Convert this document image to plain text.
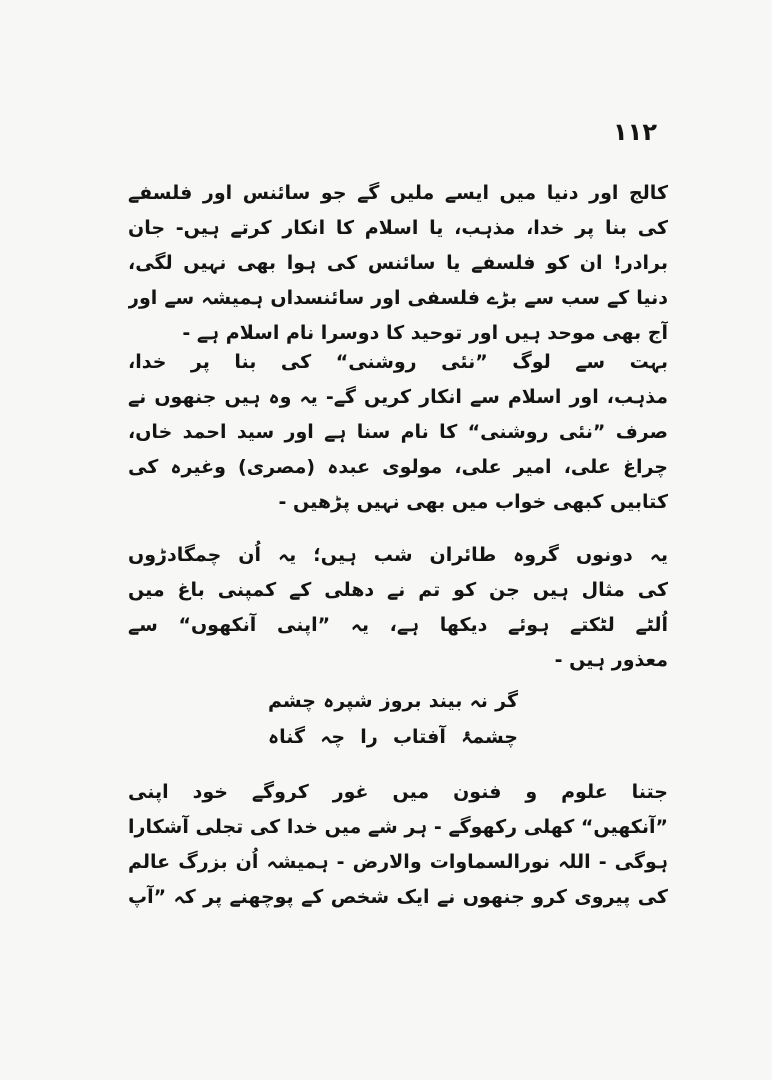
۱۱۲
کالج اور دنیا میں ایسے ملیں گے جو سائنس اور فلسفے
کی بنا پر خدا، مذہب، یا اسلام کا انکار کرتے ہیں- جان
برادر! ان کو فلسفے یا سائنس کی ہوا بھی نہیں لگی،
دنیا کے سب سے بڑے فلسفی اور سائنسداں ہمیشہ سے اور
آج بھی موحد ہیں اور توحید کا دوسرا نام اسلام ہے -
بہت سے لوگ ”نئی روشنی“ کی بنا پر خدا،
مذہب، اور اسلام سے انکار کریں گے- یہ وہ ہیں جنھوں نے
صرف ”نئی روشنی“ کا نام سنا ہے اور سید احمد خاں،
چراغ علی، امیر علی، مولوی عبدہ (مصری) وغیرہ کی
کتابیں کبھی خواب میں بھی نہیں پڑھیں -
یہ دونوں گروہ طائران شب ہیں؛ یہ اُن چمگادڑوں
کی مثال ہیں جن کو تم نے دھلی کے کمپنی باغ میں
اُلٹے لٹکتے ہوئے دیکھا ہے، یہ ”اپنی آنکھوں“ سے
معذور ہیں -
گر نہ بیند بروز شپرہ چشم
چشمۂ آفتاب را چہ گناہ
جتنا علوم و فنون میں غور کروگے خود اپنی
”آنکھیں“ کھلی رکھوگے - ہر شے میں خدا کی تجلی آشکارا
ہوگی - اللہ نورالسماوات والارض - ہمیشہ اُن بزرگ عالم
کی پیروی کرو جنھوں نے ایک شخص کے پوچھنے پر کہ ”آپ
